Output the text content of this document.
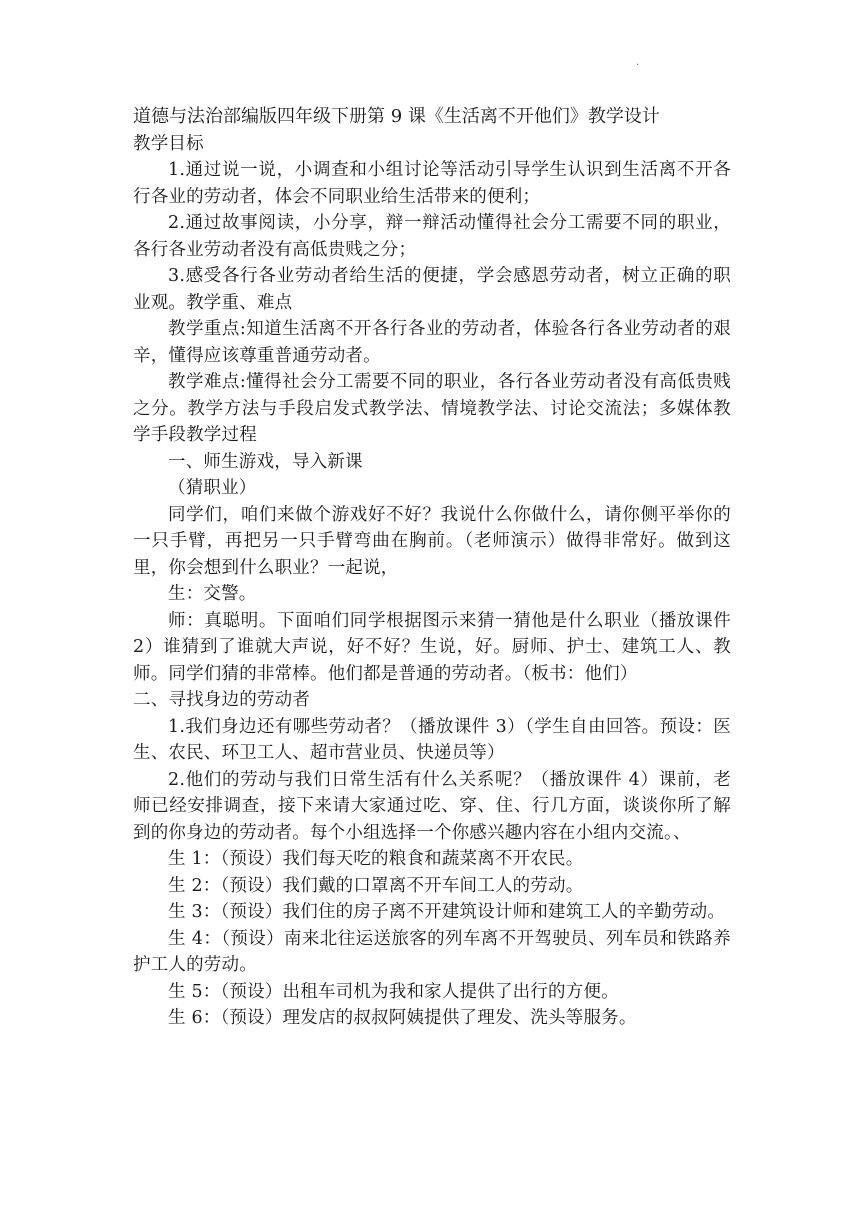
.

道德与法治部编版四年级下册第 9 课《生活离不开他们》教学设计

教学目标

1.通过说一说，小调查和小组讨论等活动引导学生认识到生活离不开各行各业的劳动者，体会不同职业给生活带来的便利；

2.通过故事阅读，小分享，辩一辩活动懂得社会分工需要不同的职业，各行各业劳动者没有高低贵贱之分；

3.感受各行各业劳动者给生活的便捷，学会感恩劳动者，树立正确的职业观。教学重、难点

教学重点:知道生活离不开各行各业的劳动者，体验各行各业劳动者的艰辛，懂得应该尊重普通劳动者。

教学难点:懂得社会分工需要不同的职业，各行各业劳动者没有高低贵贱之分。教学方法与手段启发式教学法、情境教学法、讨论交流法；多媒体教学手段教学过程

一、师生游戏，导入新课

（猜职业）

同学们，咱们来做个游戏好不好？我说什么你做什么，请你侧平举你的一只手臂，再把另一只手臂弯曲在胸前。（老师演示）做得非常好。做到这里，你会想到什么职业？一起说，

生：交警。

师：真聪明。下面咱们同学根据图示来猜一猜他是什么职业（播放课件 2）谁猜到了谁就大声说，好不好？生说，好。厨师、护士、建筑工人、教师。同学们猜的非常棒。他们都是普通的劳动者。（板书：他们）

二、寻找身边的劳动者

1.我们身边还有哪些劳动者？（播放课件 3）（学生自由回答。预设：医生、农民、环卫工人、超市营业员、快递员等）

2.他们的劳动与我们日常生活有什么关系呢？（播放课件 4）课前，老师已经安排调查，接下来请大家通过吃、穿、住、行几方面，谈谈你所了解到的你身边的劳动者。每个小组选择一个你感兴趣内容在小组内交流。、

生 1：（预设）我们每天吃的粮食和蔬菜离不开农民。

生 2：（预设）我们戴的口罩离不开车间工人的劳动。

生 3：（预设）我们住的房子离不开建筑设计师和建筑工人的辛勤劳动。

生 4：（预设）南来北往运送旅客的列车离不开驾驶员、列车员和铁路养护工人的劳动。

生 5：（预设）出租车司机为我和家人提供了出行的方便。

生 6：（预设）理发店的叔叔阿姨提供了理发、洗头等服务。
